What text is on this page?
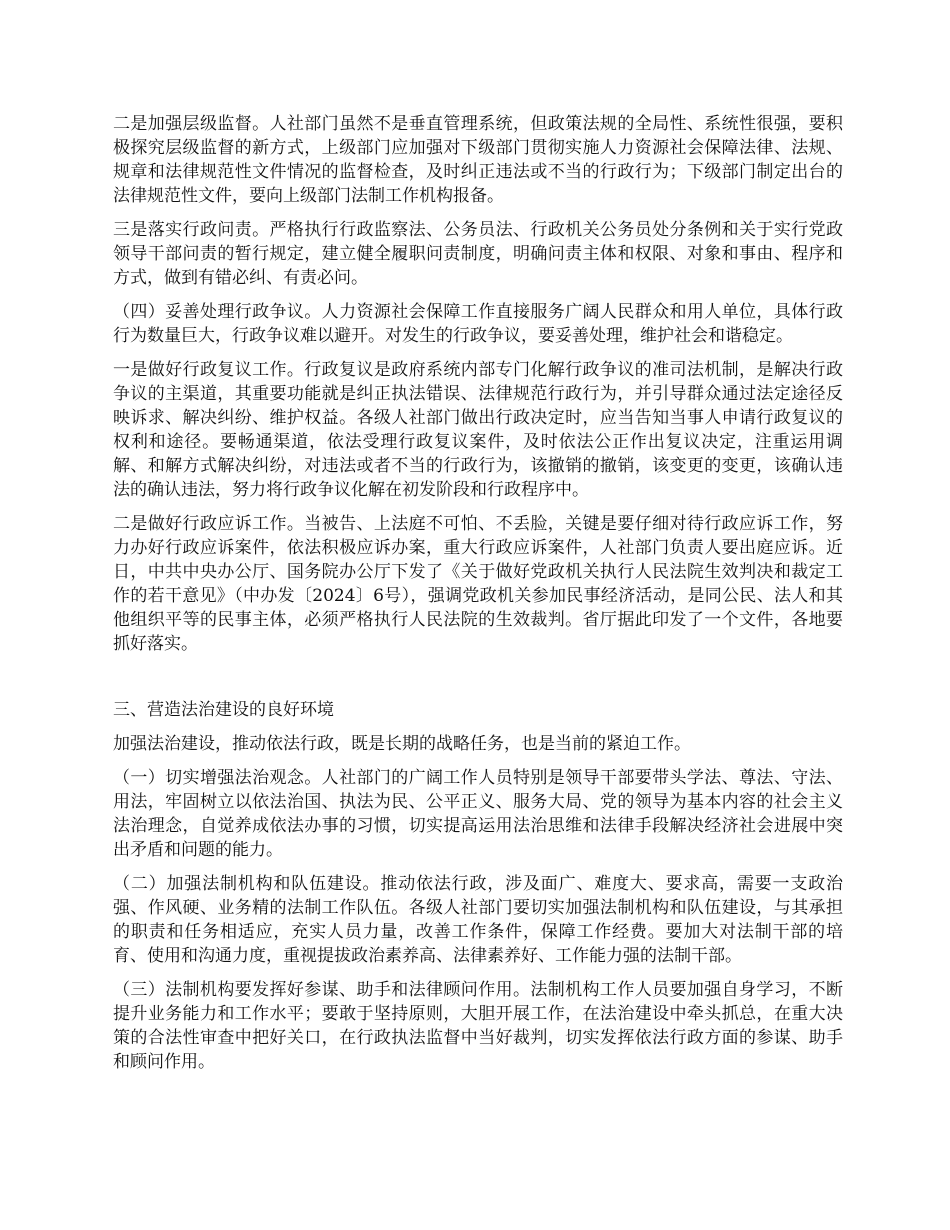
二是加强层级监督。人社部门虽然不是垂直管理系统，但政策法规的全局性、系统性很强，要积极探究层级监督的新方式，上级部门应加强对下级部门贯彻实施人力资源社会保障法律、法规、规章和法律规范性文件情况的监督检查，及时纠正违法或不当的行政行为；下级部门制定出台的法律规范性文件，要向上级部门法制工作机构报备。

三是落实行政问责。严格执行行政监察法、公务员法、行政机关公务员处分条例和关于实行党政领导干部问责的暂行规定，建立健全履职问责制度，明确问责主体和权限、对象和事由、程序和方式，做到有错必纠、有责必问。

（四）妥善处理行政争议。人力资源社会保障工作直接服务广阔人民群众和用人单位，具体行政行为数量巨大，行政争议难以避开。对发生的行政争议，要妥善处理，维护社会和谐稳定。

一是做好行政复议工作。行政复议是政府系统内部专门化解行政争议的准司法机制，是解决行政争议的主渠道，其重要功能就是纠正执法错误、法律规范行政行为，并引导群众通过法定途径反映诉求、解决纠纷、维护权益。各级人社部门做出行政决定时，应当告知当事人申请行政复议的权利和途径。要畅通渠道，依法受理行政复议案件，及时依法公正作出复议决定，注重运用调解、和解方式解决纠纷，对违法或者不当的行政行为，该撤销的撤销，该变更的变更，该确认违法的确认违法，努力将行政争议化解在初发阶段和行政程序中。

二是做好行政应诉工作。当被告、上法庭不可怕、不丢脸，关键是要仔细对待行政应诉工作，努力办好行政应诉案件，依法积极应诉办案，重大行政应诉案件，人社部门负责人要出庭应诉。近日，中共中央办公厅、国务院办公厅下发了《关于做好党政机关执行人民法院生效判决和裁定工作的若干意见》（中办发〔2024〕6号），强调党政机关参加民事经济活动，是同公民、法人和其他组织平等的民事主体，必须严格执行人民法院的生效裁判。省厅据此印发了一个文件，各地要抓好落实。

三、营造法治建设的良好环境

加强法治建设，推动依法行政，既是长期的战略任务，也是当前的紧迫工作。

（一）切实增强法治观念。人社部门的广阔工作人员特别是领导干部要带头学法、尊法、守法、用法，牢固树立以依法治国、执法为民、公平正义、服务大局、党的领导为基本内容的社会主义法治理念，自觉养成依法办事的习惯，切实提高运用法治思维和法律手段解决经济社会进展中突出矛盾和问题的能力。

（二）加强法制机构和队伍建设。推动依法行政，涉及面广、难度大、要求高，需要一支政治强、作风硬、业务精的法制工作队伍。各级人社部门要切实加强法制机构和队伍建设，与其承担的职责和任务相适应，充实人员力量，改善工作条件，保障工作经费。要加大对法制干部的培育、使用和沟通力度，重视提拔政治素养高、法律素养好、工作能力强的法制干部。

（三）法制机构要发挥好参谋、助手和法律顾问作用。法制机构工作人员要加强自身学习，不断提升业务能力和工作水平；要敢于坚持原则，大胆开展工作，在法治建设中牵头抓总，在重大决策的合法性审查中把好关口，在行政执法监督中当好裁判，切实发挥依法行政方面的参谋、助手和顾问作用。
